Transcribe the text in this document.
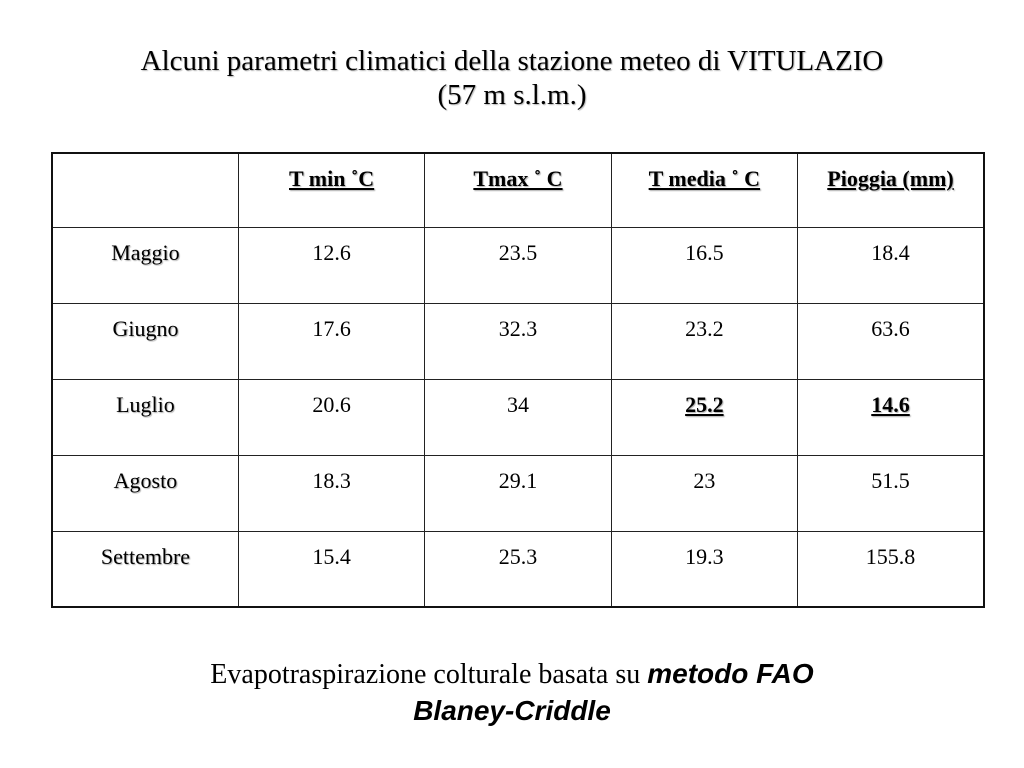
Alcuni parametri climatici della stazione meteo di VITULAZIO
(57 m s.l.m.)
	T min ˚C	Tmax ˚ C	T media ˚ C	Pioggia (mm)
Maggio	12.6	23.5	16.5	18.4
Giugno	17.6	32.3	23.2	63.6
Luglio	20.6	34	25.2	14.6
Agosto	18.3	29.1	23	51.5
Settembre	15.4	25.3	19.3	155.8
Evapotraspirazione colturale basata su metodo FAO
Blaney-Criddle
